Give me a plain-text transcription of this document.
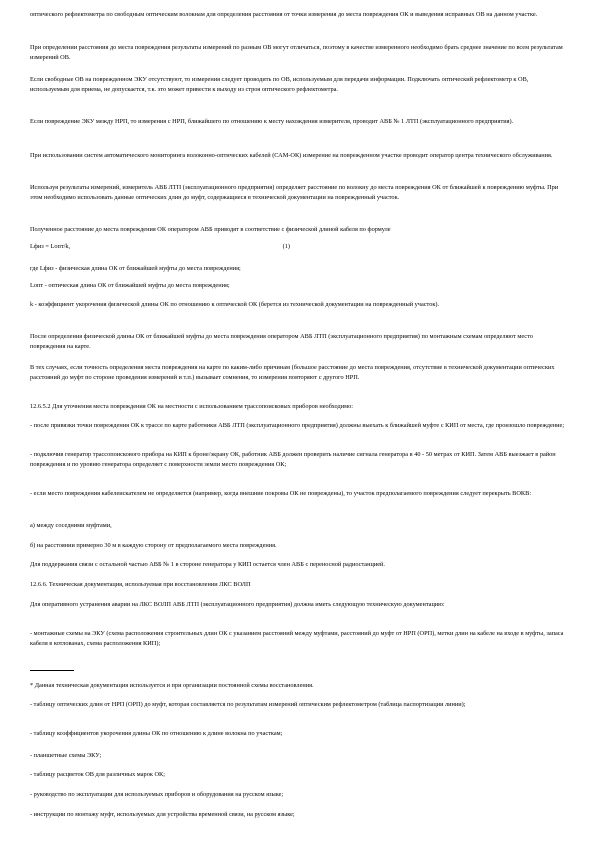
оптического рефлектометра по свободным оптическим волокнам для определения расстояния от точки измерения до места повреждения ОК и выведения исправных ОВ на данном участке.

При определении расстояния до места повреждения результаты измерений по разным ОВ могут отличаться, поэтому в качестве измеренного необходимо брать среднее значение по всем результатам измерений ОВ.

Если свободные ОВ на поврежденном ЭКУ отсутствуют, то измерения следует проводить по ОВ, используемым для передачи информации. Подключать оптический рефлектометр к ОВ, используемым для приема, не допускается, т.к. это может привести к выходу из строя оптического рефлектометра.

Если повреждение ЭКУ между НРП, то измерения с НРП, ближайшего по отношению к месту нахождения измерителя, проводит АВБ № 1 ЛТП (эксплуатационного предприятия).

При использовании систем автоматического мониторинга волоконно-оптических кабелей (САМ-ОК) измерение на поврежденном участке проводит оператор центра технического обслуживания.

Используя результаты измерений, измеритель АВБ ЛТП (эксплуатационного предприятия) определяет расстояние по волокну до места повреждения ОК от ближайшей к повреждению муфты. При этом необходимо использовать данные оптических длин до муфт, содержащиеся в технической документации на поврежденный участок.

Полученное расстояние до места повреждения ОК оператором АВБ приводят в соответствие с физической длиной кабеля по формуле

Lфиз = Lопт/k,	(1)

где Lфиз - физическая длина ОК от ближайшей муфты до места повреждения;

Lопт - оптическая длина ОК от ближайшей муфты до места повреждения;

k - коэффициент укорочения физической длины ОК по отношению к оптической ОК (берется из технической документации на поврежденный участок).

После определения физической длины ОК от ближайшей муфты до места повреждения оператором АВБ ЛТП (эксплуатационного предприятия) по монтажным схемам определяют место повреждения на карте.

В тех случаях, если точность определения места повреждения на карте по каким-либо причинам (большое расстояние до места повреждения, отсутствие в технической документации оптических расстояний до муфт по стороне проведения измерений и т.п.) вызывает сомнения, то измерения повторяют с другого НРП.

12.6.5.2 Для уточнения места повреждения ОК на местности с использованием трассопоисковых приборов необходимо:

- после привязки точки повреждения ОК к трассе по карте работники АВБ ЛТП (эксплуатационного предприятия) должны выехать к ближайшей муфте с КИП от места, где произошло повреждение;

- подключив генератор трассопоискового прибора на КИП к броне/экрану ОК, работник АВБ должен проверить наличие сигнала генератора в 40 - 50 метрах от КИП. Затем АВБ выезжает в район повреждения и по уровню генератора определяет с поверхности земли место повреждения ОК;

- если место повреждения кабелеискателем не определяется (например, когда внешние покровы ОК не повреждены), то участок предполагаемого повреждения следует перекрыть ВОКВ:

а) между соседними муфтами,

б) на расстоянии примерно 30 м в каждую сторону от предполагаемого места повреждения.

Для поддержания связи с остальной частью АВБ № 1 в стороне генератора у КИП остается член АВБ с переносной радиостанцией.

12.6.6. Техническая документация, используемая при восстановлении ЛКС ВОЛП

Для оперативного устранения аварии на ЛКС ВОЛП АВБ ЛТП (эксплуатационного предприятия) должна иметь следующую техническую документацию:

- монтажные схемы на ЭКУ (схема расположения строительных длин ОК с указанием расстояний между муфтами, расстояний до муфт от НРП (ОРП), метки длин на кабеле на входе в муфты, запаса кабеля в котлованах, схема расположения КИП);

* Данная техническая документация используется и при организации постоянной схемы восстановления.

- таблицу оптических длин от НРП (ОРП) до муфт, которая составляется по результатам измерений оптическим рефлектометром (таблица паспортизации линии);

- таблицу коэффициентов укорочения длины ОК по отношению к длине волокна по участкам;

- планшетные схемы ЭКУ;

- таблицу расцветок ОВ для различных марок ОК;

- руководство по эксплуатации для используемых приборов и оборудования на русском языке;

- инструкции по монтажу муфт, используемых для устройства временной связи, на русском языке;
